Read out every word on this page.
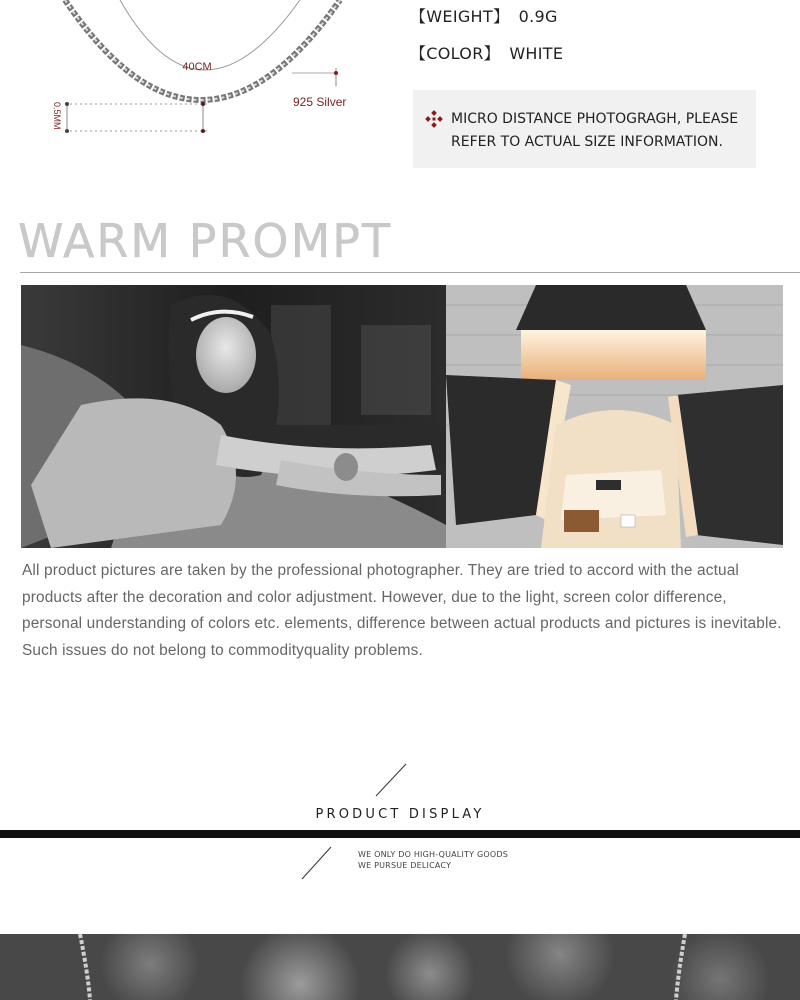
40CM
925 Silver
0.5MM
【WEIGHT】 0.9G
【COLOR】 WHITE
MICRO DISTANCE PHOTOGRAGH, PLEASE
REFER TO ACTUAL SIZE INFORMATION.
WARM PROMPT
All product pictures are taken by the professional photographer. They are tried to accord with the actual products after the decoration and color adjustment. However, due to the light, screen color difference, personal understanding of colors etc. elements, difference between actual products and pictures is inevitable. Such issues do not belong to commodityquality problems.
PRODUCT DISPLAY
WE ONLY DO HIGH-QUALITY GOODS
WE PURSUE DELICACY
